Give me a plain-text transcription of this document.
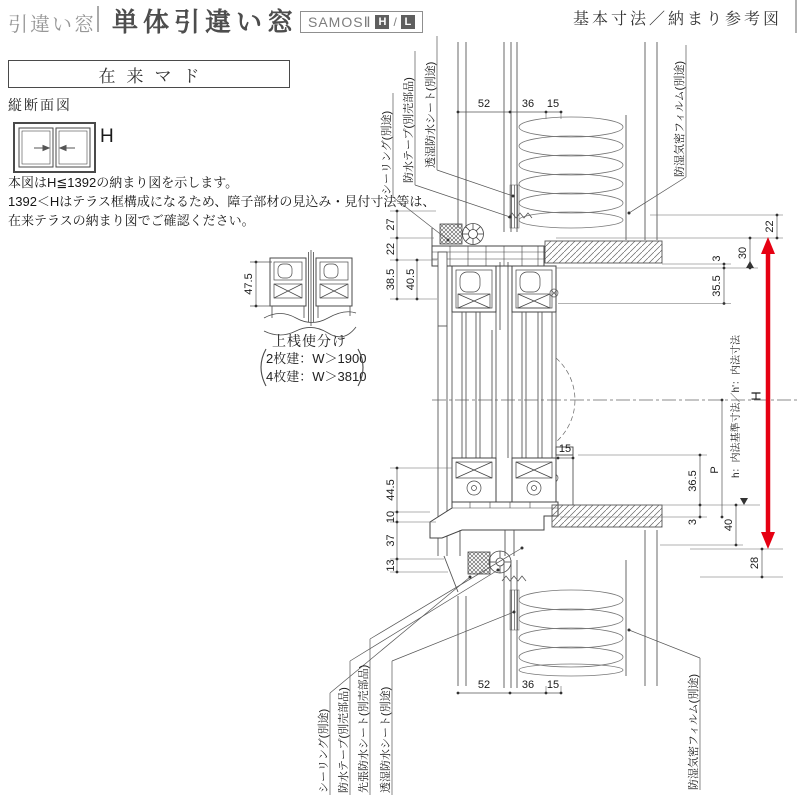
引違い窓 単体引違い窓 SAMOSⅡ H / L	基本寸法／納まり参考図
在来マド
縦断面図
本図はH≦1392の納まり図を示します。
1392＜Hはテラス框構成になるため、障子部材の見込み・見付寸法等は、
在来テラスの納まり図でご確認ください。
上桟使分け
2枚建：W＞1900
4枚建：W＞3810
H
47.5
52	36 15
52	36 15
15
27
22
38.5 40.5
44.5
10
37
13
22
30
3
35.5
36.5
3
P
40
28
H
h：内法基準寸法／h'：内法寸法
シーリング(別途) 防水テープ(別売部品) 透湿防水シート(別途)	防湿気密フィルム(別途)
シーリング(別途) 防水テープ(別売部品) 先張防水シート(別売部品) 透湿防水シート(別途)	防湿気密フィルム(別途)
